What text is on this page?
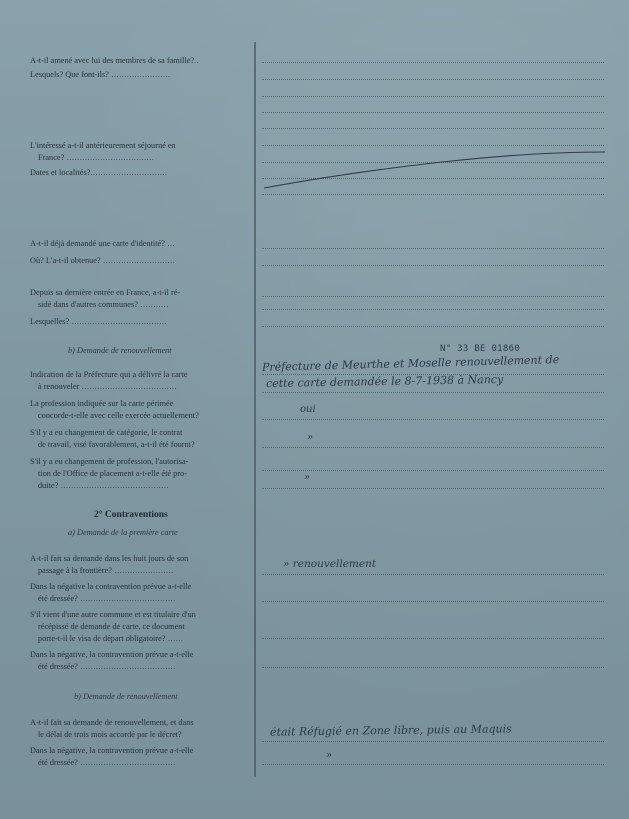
A-t-il amené avec lui des membres de sa famille?..
Lesquels? Que font-ils? .......................
L'intéressé a-t-il antérieurement séjourné en
France? ..................................
Dates et localités?..............................
A-t-il déjà demandé une carte d'identité? ...
Où? L'a-t-il obtenue? ............................
Depuis sa dernière entrée en France, a-t-il ré-
sidé dans d'autres communes? ...........
Lesquelles? .....................................
b) Demande de renouvellement
Indication de la Préfecture qui a délivré la carte
à renouveler .....................................
La profession indiquée sur la carte périmée
concorde-t-elle avec celle exercée actuellement?
S'il y a eu changement de catégorie, le contrat
de travail, visé favorablement, a-t-il été fourni?
S'il y a eu changement de profession, l'autorisa-
tion de l'Office de placement a-t-elle été pro-
duite? ..........................................
2° Contraventions
a) Demande de la première carte
A-t-il fait sa demande dans les huit jours de son
passage à la frontière? .......................
Dans la négative la contravention prévue a-t-elle
été dressée? .....................................
S'il vient d'une autre commune et est titulaire d'un
récépissé de demande de carte, ce document
porte-t-il le visa de départ obligatoire? ......
Dans la négative, la contravention prévue a-t-elle
été dressée? .....................................
b) Demande de renouvellement
A-t-il fait sa demande de renouvellement, et dans
le délai de trois mois accordé par le décret?
Dans la négative, la contravention prévue a-t-elle
été dressée? .....................................
N° 33 BE 01860
Préfecture de Meurthe et Moselle renouvellement de
cette carte demandée le 8-7-1938 à Nancy
oui
»
»
» renouvellement
était Réfugié en Zone libre, puis au Maquis
»
